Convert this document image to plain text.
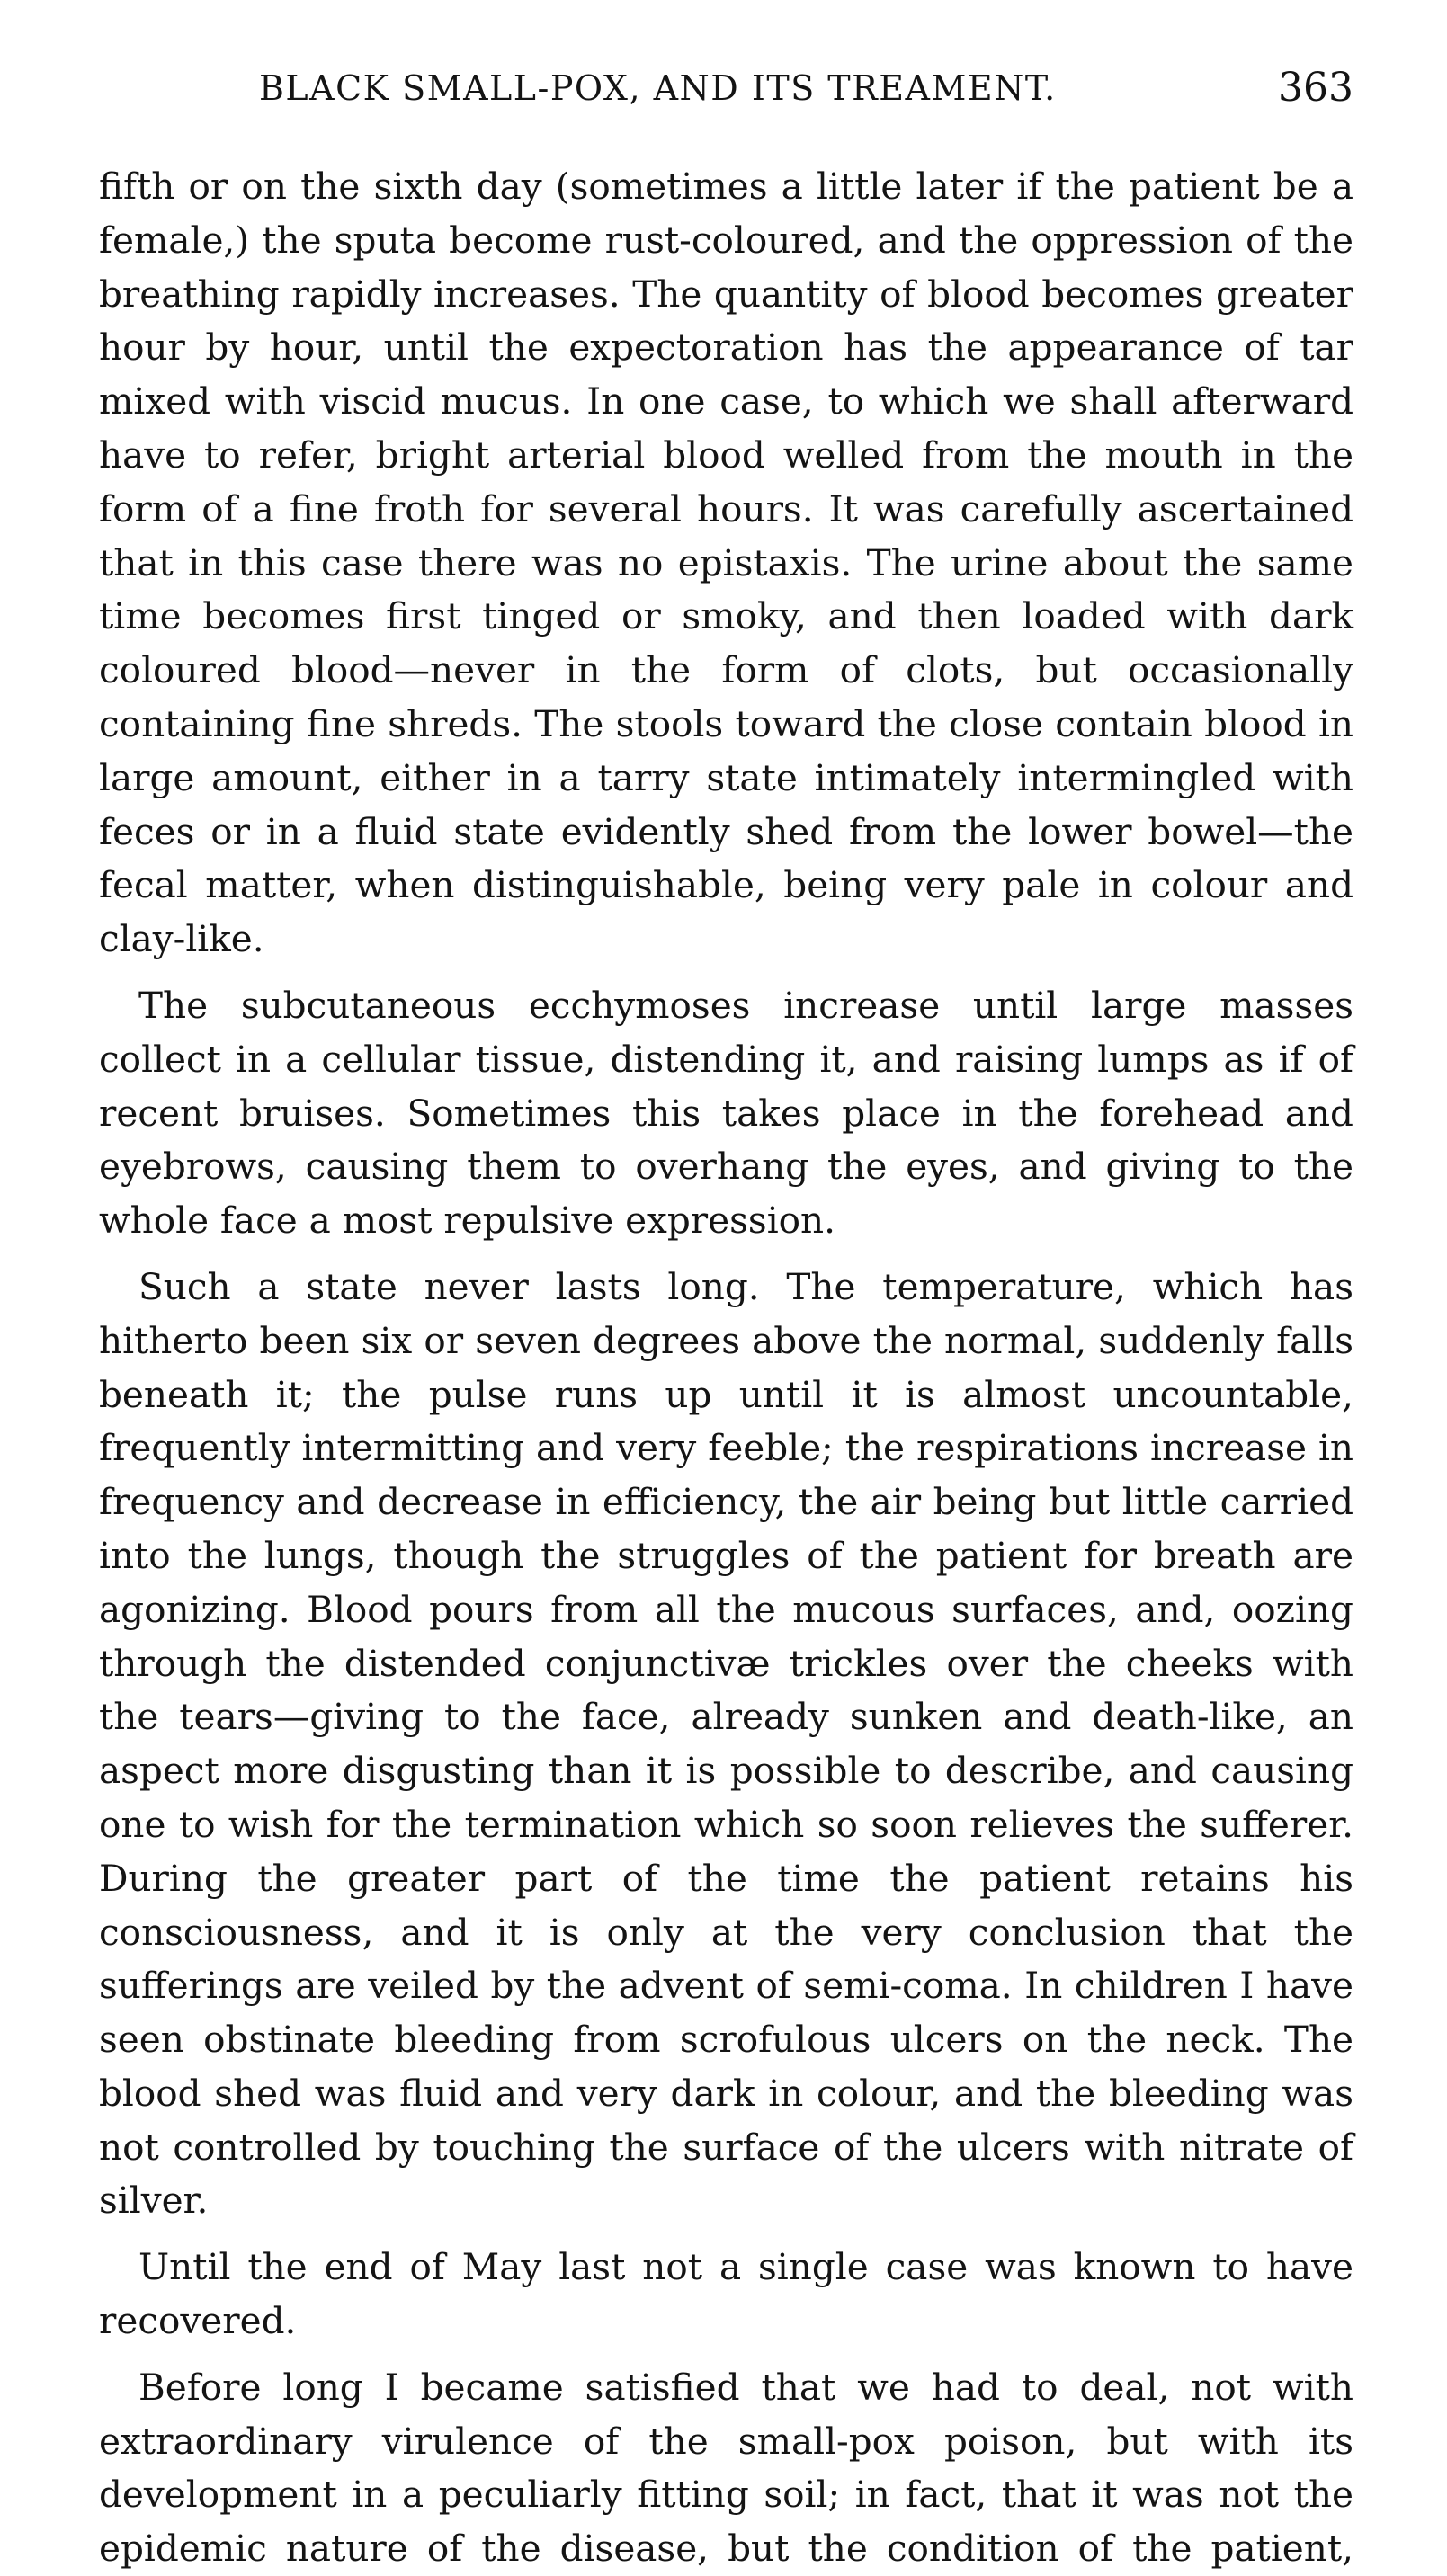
BLACK SMALL-POX, AND ITS TREAMENT.	363

fifth or on the sixth day (sometimes a little later if the patient be a female,) the sputa become rust-coloured, and the oppression of the breathing rapidly increases. The quantity of blood becomes greater hour by hour, until the expectoration has the appearance of tar mixed with viscid mucus. In one case, to which we shall afterward have to refer, bright arterial blood welled from the mouth in the form of a fine froth for several hours. It was carefully ascertained that in this case there was no epistaxis. The urine about the same time becomes first tinged or smoky, and then loaded with dark coloured blood—never in the form of clots, but occasionally containing fine shreds. The stools toward the close contain blood in large amount, either in a tarry state intimately intermingled with feces or in a fluid state evidently shed from the lower bowel—the fecal matter, when distinguishable, being very pale in colour and clay-like.

The subcutaneous ecchymoses increase until large masses collect in a cellular tissue, distending it, and raising lumps as if of recent bruises. Sometimes this takes place in the forehead and eyebrows, causing them to overhang the eyes, and giving to the whole face a most repulsive expression.

Such a state never lasts long. The temperature, which has hitherto been six or seven degrees above the normal, suddenly falls beneath it; the pulse runs up until it is almost uncountable, frequently intermitting and very feeble; the respirations increase in frequency and decrease in efficiency, the air being but little carried into the lungs, though the struggles of the patient for breath are agonizing. Blood pours from all the mucous surfaces, and, oozing through the distended conjunctivæ trickles over the cheeks with the tears—giving to the face, already sunken and death-like, an aspect more disgusting than it is possible to describe, and causing one to wish for the termination which so soon relieves the sufferer. During the greater part of the time the patient retains his consciousness, and it is only at the very conclusion that the sufferings are veiled by the advent of semi-coma. In children I have seen obstinate bleeding from scrofulous ulcers on the neck. The blood shed was fluid and very dark in colour, and the bleeding was not controlled by touching the surface of the ulcers with nitrate of silver.

Until the end of May last not a single case was known to have recovered.

Before long I became satisfied that we had to deal, not with extraordinary virulence of the small-pox poison, but with its development in a peculiarly fitting soil; in fact, that it was not the epidemic nature of the disease, but the condition of the patient,
